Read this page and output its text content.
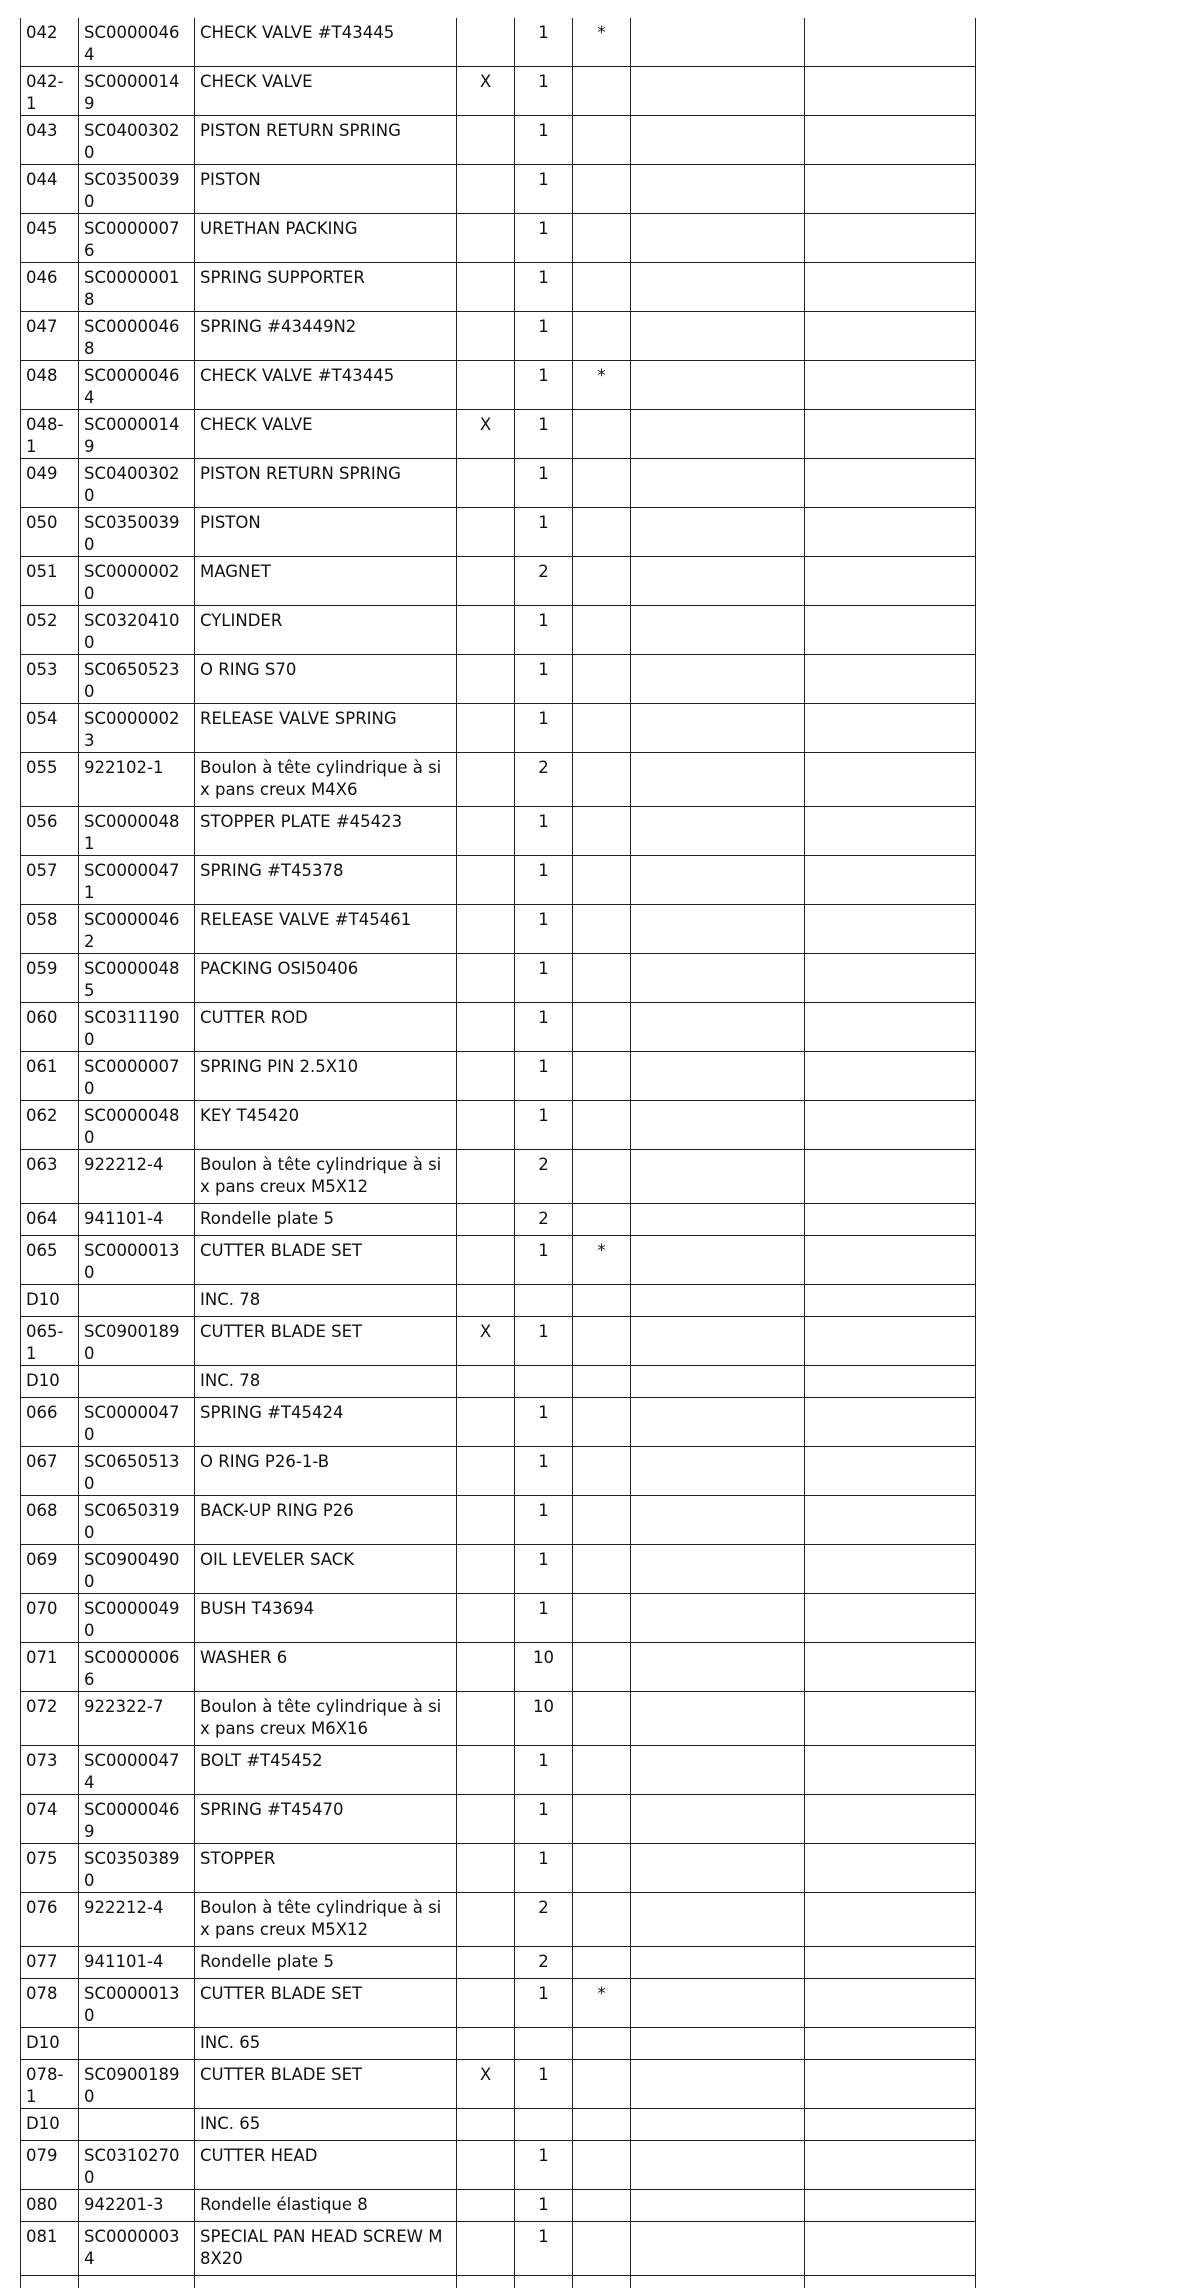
042	SC00000464	CHECK VALVE #T43445		1	*		
042-1	SC00000149	CHECK VALVE	X	1			
043	SC04003020	PISTON RETURN SPRING		1			
044	SC03500390	PISTON		1			
045	SC00000076	URETHAN PACKING		1			
046	SC00000018	SPRING SUPPORTER		1			
047	SC00000468	SPRING #43449N2		1			
048	SC00000464	CHECK VALVE #T43445		1	*		
048-1	SC00000149	CHECK VALVE	X	1			
049	SC04003020	PISTON RETURN SPRING		1			
050	SC03500390	PISTON		1			
051	SC00000020	MAGNET		2			
052	SC03204100	CYLINDER		1			
053	SC06505230	O RING S70		1			
054	SC00000023	RELEASE VALVE SPRING		1			
055	922102-1	Boulon à tête cylindrique à six pans creux M4X6		2			
056	SC00000481	STOPPER PLATE #45423		1			
057	SC00000471	SPRING #T45378		1			
058	SC00000462	RELEASE VALVE #T45461		1			
059	SC00000485	PACKING OSI50406		1			
060	SC03111900	CUTTER ROD		1			
061	SC00000070	SPRING PIN 2.5X10		1			
062	SC00000480	KEY T45420		1			
063	922212-4	Boulon à tête cylindrique à six pans creux M5X12		2			
064	941101-4	Rondelle plate 5		2			
065	SC00000130	CUTTER BLADE SET		1	*		
D10		INC. 78					
065-1	SC09001890	CUTTER BLADE SET	X	1			
D10		INC. 78					
066	SC00000470	SPRING #T45424		1			
067	SC06505130	O RING P26-1-B		1			
068	SC06503190	BACK-UP RING P26		1			
069	SC09004900	OIL LEVELER SACK		1			
070	SC00000490	BUSH T43694		1			
071	SC00000066	WASHER 6		10			
072	922322-7	Boulon à tête cylindrique à six pans creux M6X16		10			
073	SC00000474	BOLT #T45452		1			
074	SC00000469	SPRING #T45470		1			
075	SC03503890	STOPPER		1			
076	922212-4	Boulon à tête cylindrique à six pans creux M5X12		2			
077	941101-4	Rondelle plate 5		2			
078	SC00000130	CUTTER BLADE SET		1	*		
D10		INC. 65					
078-1	SC09001890	CUTTER BLADE SET	X	1			
D10		INC. 65					
079	SC03102700	CUTTER HEAD		1			
080	942201-3	Rondelle élastique 8		1			
081	SC00000034	SPECIAL PAN HEAD SCREW M8X20		1			
